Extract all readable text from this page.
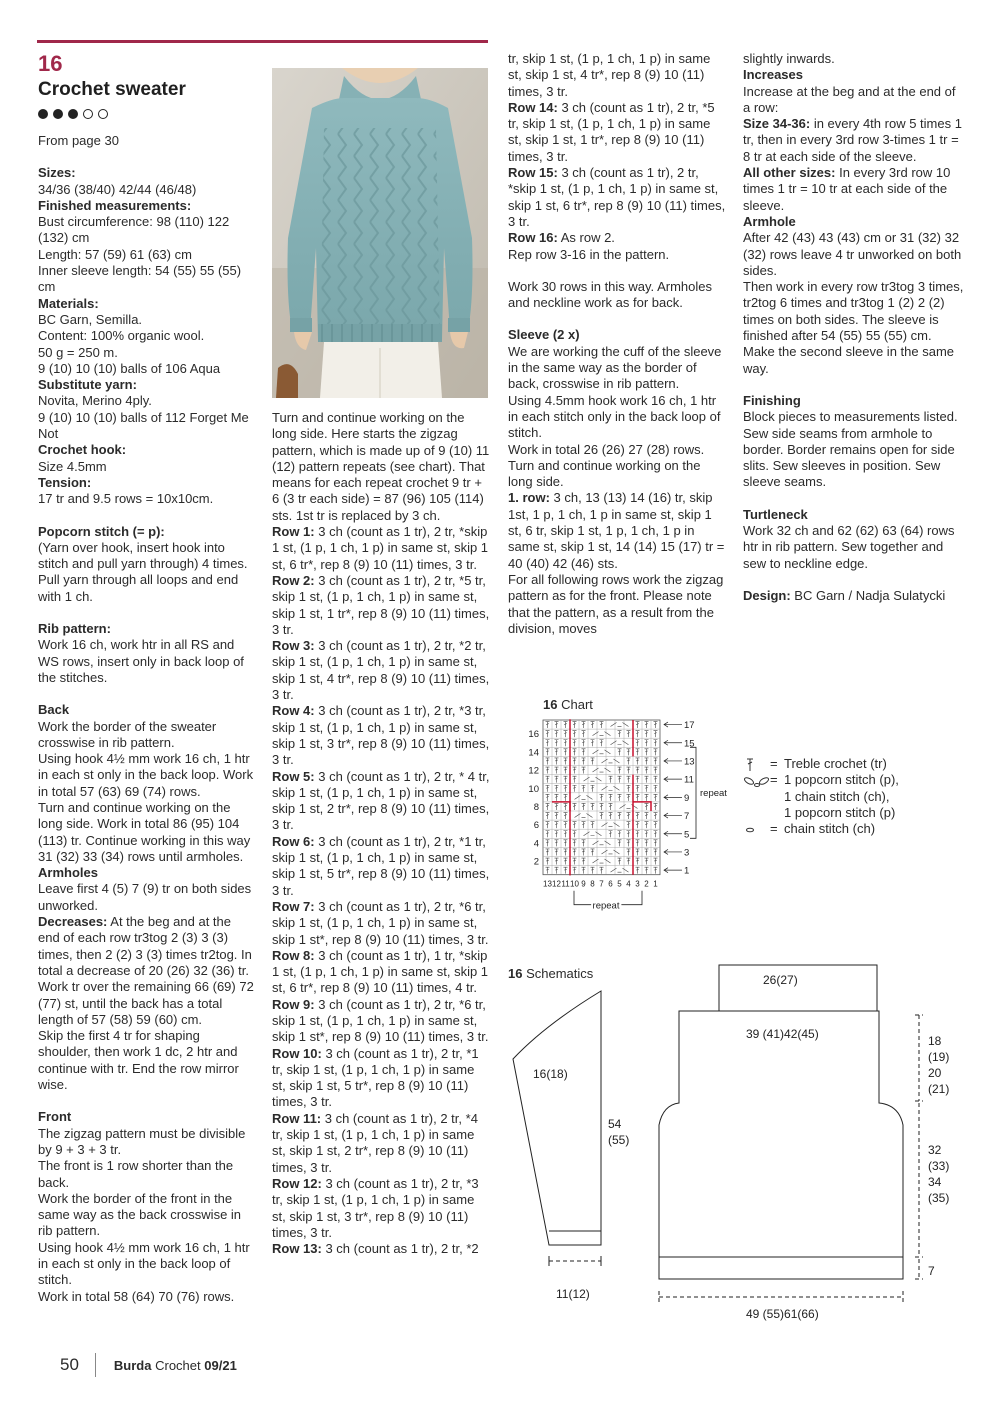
16
Crochet sweater

From page 30

Sizes:

34/36 (38/40) 42/44 (46/48)

Finished measurements:

Bust circumference: 98 (110) 122 (132) cm

Length: 57 (59) 61 (63) cm

Inner sleeve length: 54 (55) 55 (55) cm

Materials:

BC Garn, Semilla.

Content: 100% organic wool.

50 g = 250 m.

9 (10) 10 (10) balls of 106 Aqua

Substitute yarn:

Novita, Merino 4ply.

9 (10) 10 (10) balls of 112 Forget Me Not

Crochet hook:

Size 4.5mm

Tension:

17 tr and 9.5 rows = 10x10cm.

Popcorn stitch (= p):

(Yarn over hook, insert hook into stitch and pull yarn through) 4 times. Pull yarn through all loops and end with 1 ch.

Rib pattern:

Work 16 ch, work htr in all RS and WS rows, insert only in back loop of the stitches.

Back

Work the border of the sweater crosswise in rib pattern.

Using hook 4½ mm work 16 ch, 1 htr in each st only in the back loop. Work in total 57 (63) 69 (74) rows.

Turn and continue working on the long side. Work in total 86 (95) 104 (113) tr. Continue working in this way 31 (32) 33 (34) rows until armholes.

Armholes

Leave first 4 (5) 7 (9) tr on both sides unworked.

Decreases: At the beg and at the end of each row tr3tog 2 (3) 3 (3) times, then 2 (2) 3 (3) times tr2tog. In total a decrease of 20 (26) 32 (36) tr.

Work tr over the remaining 66 (69) 72 (77) st, until the back has a total length of 57 (58) 59 (60) cm.

Skip the first 4 tr for shaping shoulder, then work 1 dc, 2 htr and continue with tr. End the row mirror wise.

Front

The zigzag pattern must be divisible by 9 + 3 + 3 tr.

The front is 1 row shorter than the back.

Work the border of the front in the same way as the back crosswise in rib pattern.

Using hook 4½ mm work 16 ch, 1 htr in each st only in the back loop of stitch.

Work in total 58 (64) 70 (76) rows.

Turn and continue working on the long side. Here starts the zigzag pattern, which is made up of 9 (10) 11 (12) pattern repeats (see chart). That means for each repeat crochet 9 tr + 6 (3 tr each side) = 87 (96) 105 (114) sts. 1st tr is replaced by 3 ch.

Row 1: 3 ch (count as 1 tr), 2 tr, *skip 1 st, (1 p, 1 ch, 1 p) in same st, skip 1 st, 6 tr*, rep 8 (9) 10 (11) times, 3 tr.

Row 2: 3 ch (count as 1 tr), 2 tr, *5 tr, skip 1 st, (1 p, 1 ch, 1 p) in same st, skip 1 st, 1 tr*, rep 8 (9) 10 (11) times, 3 tr.

Row 3: 3 ch (count as 1 tr), 2 tr, *2 tr, skip 1 st, (1 p, 1 ch, 1 p) in same st, skip 1 st, 4 tr*, rep 8 (9) 10 (11) times, 3 tr.

Row 4: 3 ch (count as 1 tr), 2 tr, *3 tr, skip 1 st, (1 p, 1 ch, 1 p) in same st, skip 1 st, 3 tr*, rep 8 (9) 10 (11) times, 3 tr.

Row 5: 3 ch (count as 1 tr), 2 tr, * 4 tr, skip 1 st, (1 p, 1 ch, 1 p) in same st, skip 1 st, 2 tr*, rep 8 (9) 10 (11) times, 3 tr.

Row 6: 3 ch (count as 1 tr), 2 tr, *1 tr, skip 1 st, (1 p, 1 ch, 1 p) in same st, skip 1 st, 5 tr*, rep 8 (9) 10 (11) times, 3 tr.

Row 7: 3 ch (count as 1 tr), 2 tr, *6 tr, skip 1 st, (1 p, 1 ch, 1 p) in same st, skip 1 st*, rep 8 (9) 10 (11) times, 3 tr.

Row 8: 3 ch (count as 1 tr), 1 tr, *skip 1 st, (1 p, 1 ch, 1 p) in same st, skip 1 st, 6 tr*, rep 8 (9) 10 (11) times, 4 tr.

Row 9: 3 ch (count as 1 tr), 2 tr, *6 tr, skip 1 st, (1 p, 1 ch, 1 p) in same st, skip 1 st*, rep 8 (9) 10 (11) times, 3 tr.

Row 10: 3 ch (count as 1 tr), 2 tr, *1 tr, skip 1 st, (1 p, 1 ch, 1 p) in same st, skip 1 st, 5 tr*, rep 8 (9) 10 (11) times, 3 tr.

Row 11: 3 ch (count as 1 tr), 2 tr, *4 tr, skip 1 st, (1 p, 1 ch, 1 p) in same st, skip 1 st, 2 tr*, rep 8 (9) 10 (11) times, 3 tr.

Row 12: 3 ch (count as 1 tr), 2 tr, *3 tr, skip 1 st, (1 p, 1 ch, 1 p) in same st, skip 1 st, 3 tr*, rep 8 (9) 10 (11) times, 3 tr.

Row 13: 3 ch (count as 1 tr), 2 tr, *2

tr, skip 1 st, (1 p, 1 ch, 1 p) in same st, skip 1 st, 4 tr*, rep 8 (9) 10 (11) times, 3 tr.

Row 14: 3 ch (count as 1 tr), 2 tr, *5 tr, skip 1 st, (1 p, 1 ch, 1 p) in same st, skip 1 st, 1 tr*, rep 8 (9) 10 (11) times, 3 tr.

Row 15: 3 ch (count as 1 tr), 2 tr, *skip 1 st, (1 p, 1 ch, 1 p) in same st, skip 1 st, 6 tr*, rep 8 (9) 10 (11) times, 3 tr.

Row 16: As row 2.

Rep row 3-16 in the pattern.

Work 30 rows in this way. Armholes and neckline work as for back.

Sleeve (2 x)

We are working the cuff of the sleeve in the same way as the border of back, crosswise in rib pattern.

Using 4.5mm hook work 16 ch, 1 htr in each stitch only in the back loop of stitch.

Work in total 26 (26) 27 (28) rows. Turn and continue working on the long side.

1. row: 3 ch, 13 (13) 14 (16) tr, skip 1st, 1 p, 1 ch, 1 p in same st, skip 1 st, 6 tr, skip 1 st, 1 p, 1 ch, 1 p in same st, skip 1 st, 14 (14) 15 (17) tr = 40 (40) 42 (46) sts.

For all following rows work the zigzag pattern as for the front. Please note that the pattern, as a result from the division, moves

slightly inwards.

Increases

Increase at the beg and at the end of a row:

Size 34-36: in every 4th row 5 times 1 tr, then in every 3rd row 3-times 1 tr = 8 tr at each side of the sleeve.

All other sizes: In every 3rd row 10 times 1 tr = 10 tr at each side of the sleeve.

Armhole

After 42 (43) 43 (43) cm or 31 (32) 32 (32) rows leave 4 tr unworked on both sides.

Then work in every row tr3tog 3 times, tr2tog 6 times and tr3tog 1 (2) 2 (2) times on both sides. The sleeve is finished after 54 (55) 55 (55) cm.

Make the second sleeve in the same way.

Finishing

Block pieces to measurements listed. Sew side seams from armhole to border. Border remains open for side slits. Sew sleeves in position. Sew sleeve seams.

Turtleneck

Work 32 ch and 62 (62) 63 (64) rows htr in rib pattern. Sew together and sew to neckline edge.

Design: BC Garn / Nadja Sulatycki

16 Chart
16
14
12
10
8
6
4
2
17
15
13
11
9
7
5
3
1
13 12 11 10 9 8 7 6 5 4 3 2 1
repeat
repeat
= Treble crochet (tr)
= 1 popcorn stitch (p),
1 chain stitch (ch),
1 popcorn stitch (p)
= chain stitch (ch)
16 Schematics
16(18)
54
(55)
11(12)
26(27)
39 (41)42(45)	18
(19)
20
(21)
32
(33)
34
(35)
7
49 (55)61(66)
50	Burda Crochet 09/21
